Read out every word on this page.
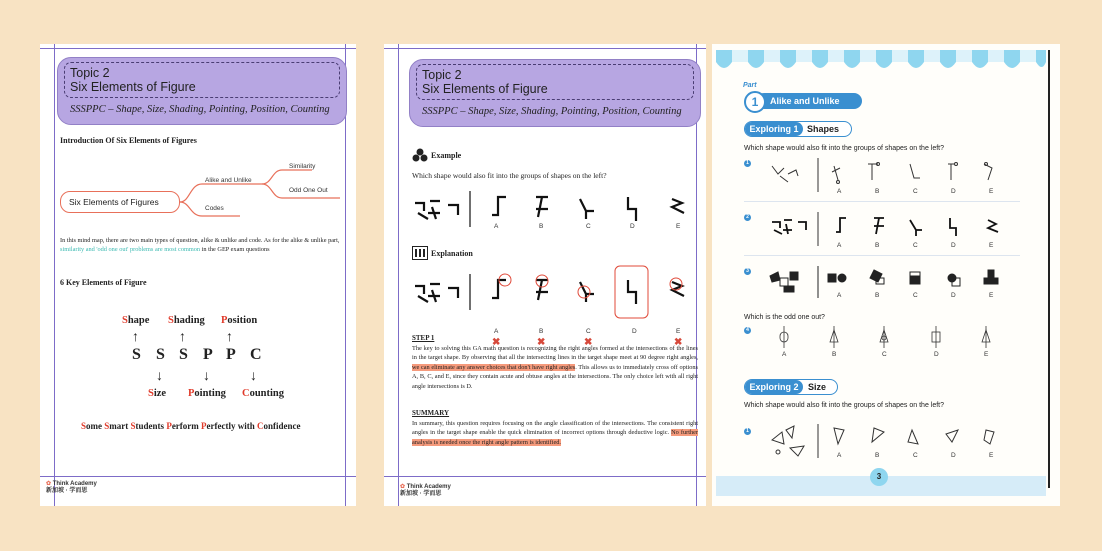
Topic 2
Six Elements of Figure
SSSPPC – Shape, Size, Shading, Pointing, Position, Counting
Introduction Of Six Elements of Figures
Six Elements of Figures
Alike and Unlike
Codes
Similarity
Odd One Out
In this mind map, there are two main types of question, alike & unlike and code. As for the alike & unlike part, similarity and 'odd one out' problems are most common in the GEP exam questions
6 Key Elements of Figure
Shape Shading Position
↑	↑	↑
S S S P P C
↓	↓	↓
Size Pointing Counting
Some Smart Students Perform Perfectly with Confidence
✿ Think Academy
新加坡 · 学而思
Topic 2
Six Elements of Figure
SSSPPC – Shape, Size, Shading, Pointing, Position, Counting
Example
Which shape would also fit into the groups of shapes on the left?
A	B	C	D	E
Explanation
A	B	C	D	E
✖	✖	✖	✖
STEP 1
The key to solving this GA math question is recognizing the right angles formed at the intersections of the lines in the target shape. By observing that all the intersecting lines in the target shape meet at 90 degree right angles, we can eliminate any answer choices that don't have right angles. This allows us to immediately cross off options A, B, C, and E, since they contain acute and obtuse angles at the intersections. The only choice left with all right angle intersections is D.
SUMMARY
In summary, this question requires focusing on the angle classification of the intersections. The consistent right angles in the target shape enable the quick elimination of incorrect options through deductive logic. No further analysis is needed once the right angle pattern is identified.
✿ Think Academy
新加坡 · 学而思
Part
1	Alike and Unlike
Exploring 1 Shapes
Which shape would also fit into the groups of shapes on the left?
1
A	B	C	D	E
2
A	B	C	D	E
3
A	B	C	D	E
Which is the odd one out?
4
A	B	C	D	E
Exploring 2	Size
Which shape would also fit into the groups of shapes on the left?
1
A	B	C	D	E
3
